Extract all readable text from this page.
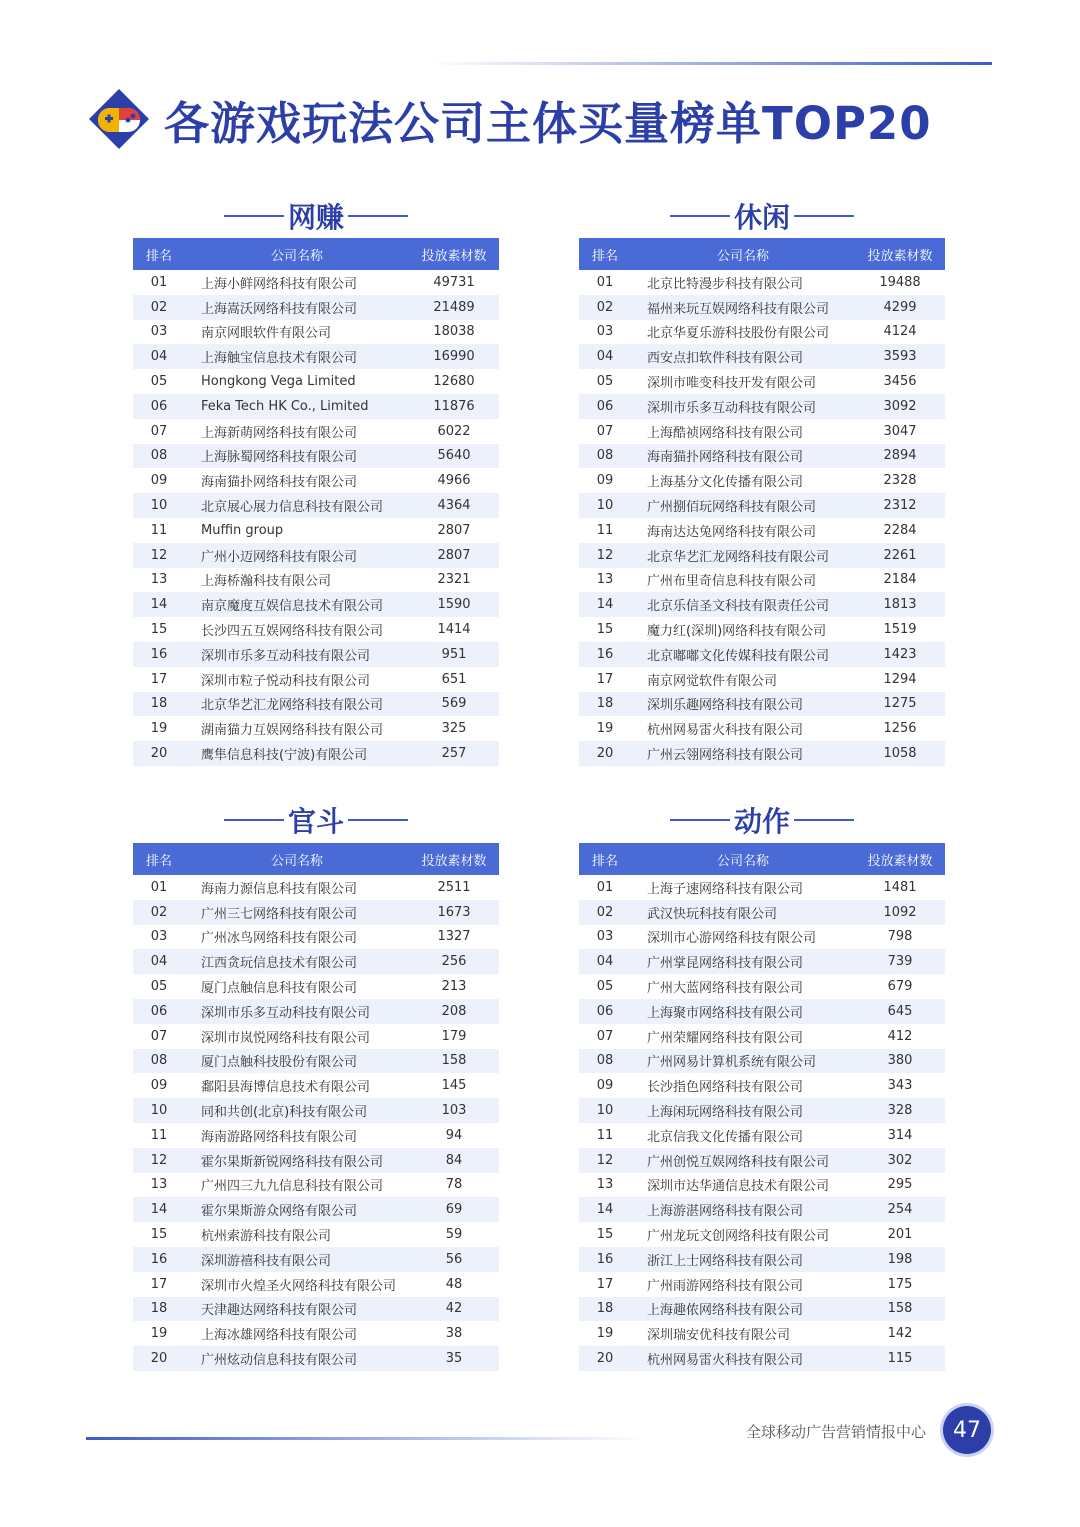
各游戏玩法公司主体买量榜单TOP20
网赚
排名	公司名称	投放素材数
01	上海小鲜网络科技有限公司	49731
02	上海嵩沃网络科技有限公司	21489
03	南京网眼软件有限公司	18038
04	上海触宝信息技术有限公司	16990
05	Hongkong Vega Limited	12680
06	Feka Tech HK Co., Limited	11876
07	上海新萌网络科技有限公司	6022
08	上海脉蜀网络科技有限公司	5640
09	海南猫扑网络科技有限公司	4966
10	北京展心展力信息科技有限公司	4364
11	Muffin group	2807
12	广州小迈网络科技有限公司	2807
13	上海桥瀚科技有限公司	2321
14	南京魔度互娱信息技术有限公司	1590
15	长沙四五互娱网络科技有限公司	1414
16	深圳市乐多互动科技有限公司	951
17	深圳市粒子悦动科技有限公司	651
18	北京华艺汇龙网络科技有限公司	569
19	湖南猫力互娱网络科技有限公司	325
20	鹰隼信息科技(宁波)有限公司	257
休闲
排名	公司名称	投放素材数
01	北京比特漫步科技有限公司	19488
02	福州来玩互娱网络科技有限公司	4299
03	北京华夏乐游科技股份有限公司	4124
04	西安点扣软件科技有限公司	3593
05	深圳市唯变科技开发有限公司	3456
06	深圳市乐多互动科技有限公司	3092
07	上海酷祯网络科技有限公司	3047
08	海南猫扑网络科技有限公司	2894
09	上海基分文化传播有限公司	2328
10	广州捌佰玩网络科技有限公司	2312
11	海南达达兔网络科技有限公司	2284
12	北京华艺汇龙网络科技有限公司	2261
13	广州布里奇信息科技有限公司	2184
14	北京乐信圣文科技有限责任公司	1813
15	魔力红(深圳)网络科技有限公司	1519
16	北京嘟嘟文化传媒科技有限公司	1423
17	南京网觉软件有限公司	1294
18	深圳乐趣网络科技有限公司	1275
19	杭州网易雷火科技有限公司	1256
20	广州云翎网络科技有限公司	1058
官斗
排名	公司名称	投放素材数
01	海南力源信息科技有限公司	2511
02	广州三七网络科技有限公司	1673
03	广州冰鸟网络科技有限公司	1327
04	江西贪玩信息技术有限公司	256
05	厦门点触信息科技有限公司	213
06	深圳市乐多互动科技有限公司	208
07	深圳市岚悦网络科技有限公司	179
08	厦门点触科技股份有限公司	158
09	鄱阳县海博信息技术有限公司	145
10	同和共创(北京)科技有限公司	103
11	海南游路网络科技有限公司	94
12	霍尔果斯新锐网络科技有限公司	84
13	广州四三九九信息科技有限公司	78
14	霍尔果斯游众网络有限公司	69
15	杭州索游科技有限公司	59
16	深圳游禧科技有限公司	56
17	深圳市火煌圣火网络科技有限公司	48
18	天津趣达网络科技有限公司	42
19	上海冰雄网络科技有限公司	38
20	广州炫动信息科技有限公司	35
动作
排名	公司名称	投放素材数
01	上海子速网络科技有限公司	1481
02	武汉快玩科技有限公司	1092
03	深圳市心游网络科技有限公司	798
04	广州掌昆网络科技有限公司	739
05	广州大蓝网络科技有限公司	679
06	上海聚市网络科技有限公司	645
07	广州荣耀网络科技有限公司	412
08	广州网易计算机系统有限公司	380
09	长沙指色网络科技有限公司	343
10	上海闲玩网络科技有限公司	328
11	北京信我文化传播有限公司	314
12	广州创悦互娱网络科技有限公司	302
13	深圳市达华通信息技术有限公司	295
14	上海游湛网络科技有限公司	254
15	广州龙玩文创网络科技有限公司	201
16	浙江上士网络科技有限公司	198
17	广州雨游网络科技有限公司	175
18	上海趣侬网络科技有限公司	158
19	深圳瑞安优科技有限公司	142
20	杭州网易雷火科技有限公司	115
全球移动广告营销情报中心	47
